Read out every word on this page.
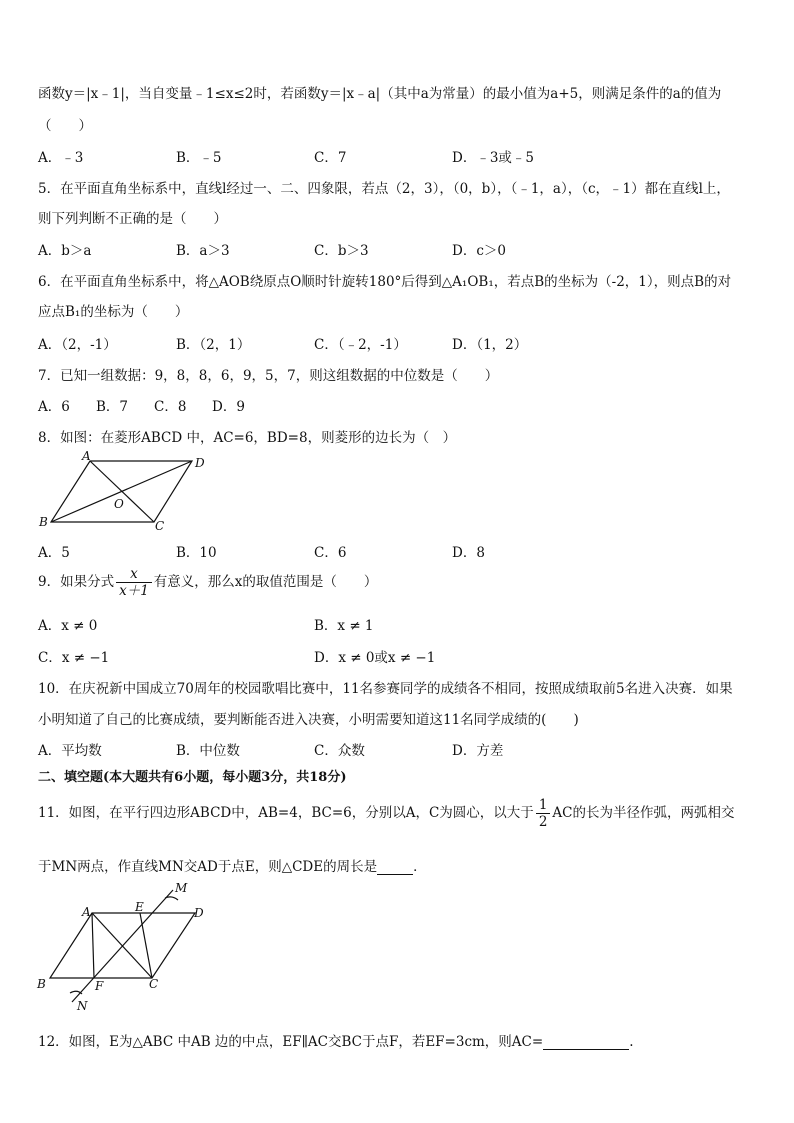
函数y＝|x﹣1|，当自变量﹣1≤x≤2时，若函数y＝|x﹣a|（其中a为常量）的最小值为a+5，则满足条件的a的值为
（　　）
A．﹣3	B．﹣5	C．7	D．﹣3或﹣5
5．在平面直角坐标系中，直线l经过一、二、四象限，若点（2，3），（0，b），（﹣1，a），（c，﹣1）都在直线l上，
则下列判断不正确的是（　　）
A．b＞a	B．a＞3	C．b＞3	D．c＞0
6．在平面直角坐标系中，将△AOB绕原点O顺时针旋转180°后得到△A₁OB₁，若点B的坐标为（-2，1），则点B的对
应点B₁的坐标为（　　）
A．（2，-1）	B．（2，1）	C．（﹣2，-1）	D．（1，2）
7．已知一组数据：9，8，8，6，9，5，7，则这组数据的中位数是（　　）
A．6 B．7 C．8 D．9
8．如图：在菱形ABCD 中，AC=6，BD=8，则菱形的边长为（　）
A	D
B	C
O
A．5	B．10	C．6	D．8
9．如果分式 $\frac{x}{x+1}$ 有意义，那么x的取值范围是（　　）
A．x ≠ 0	B．x ≠ 1
C．x ≠ −1	D．x ≠ 0或x ≠ −1
10．在庆祝新中国成立70周年的校园歌唱比赛中，11名参赛同学的成绩各不相同，按照成绩取前5名进入决赛．如果
小明知道了自己的比赛成绩，要判断能否进入决赛，小明需要知道这11名同学成绩的(　　)
A．平均数	B．中位数	C．众数	D．方差
二、填空题(本大题共有6小题，每小题3分，共18分)
11．如图，在平行四边形ABCD中，AB=4，BC=6，分别以A，C为圆心，以大于 $\frac{1}{2}$ AC的长为半径作弧，两弧相交
于MN两点，作直线MN交AD于点E，则△CDE的周长是	．
A	E	D
M
B	F	C
N
12．如图，E为△ABC 中AB 边的中点，EF∥AC交BC于点F，若EF=3cm，则AC=	.
